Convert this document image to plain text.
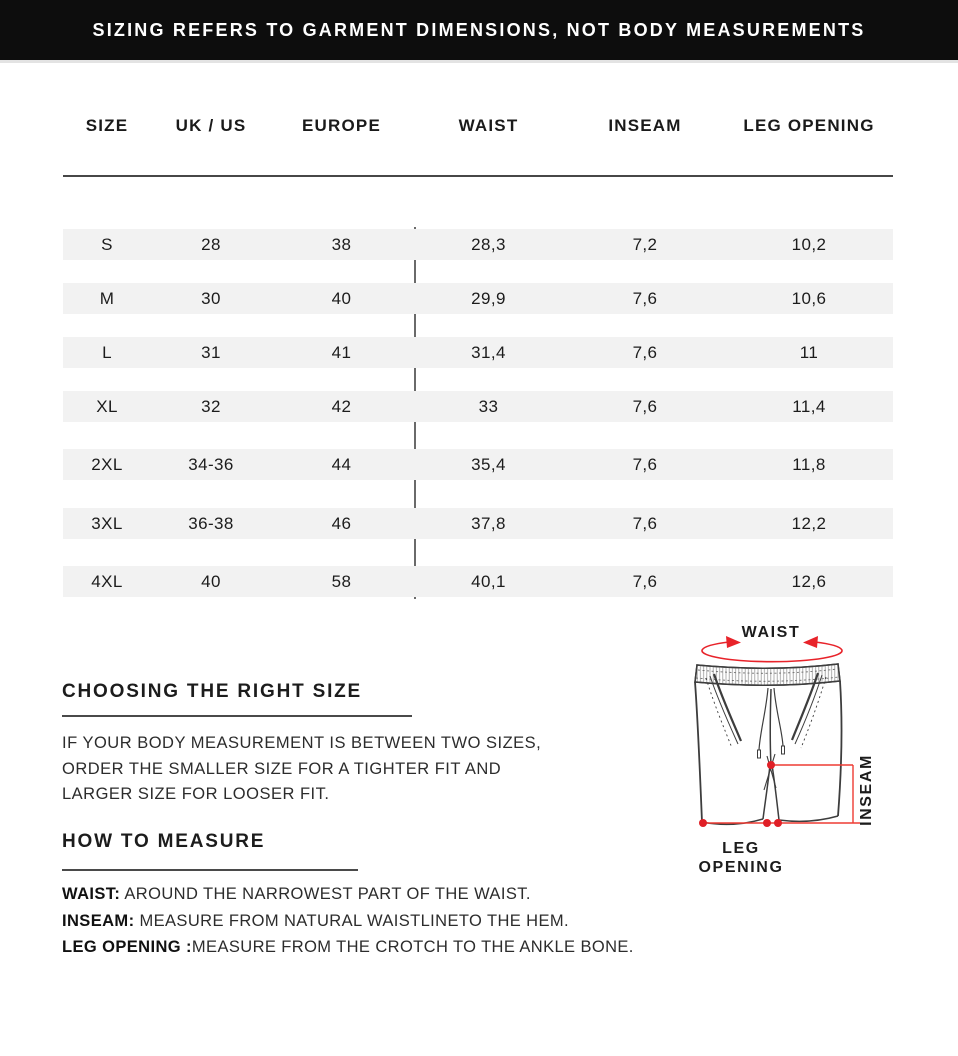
SIZING REFERS TO GARMENT DIMENSIONS, NOT BODY MEASUREMENTS
SIZE	UK / US	EUROPE	WAIST	INSEAM	LEG OPENING
S	28	38	28,3	7,2	10,2
M	30	40	29,9	7,6	10,6
L	31	41	31,4	7,6	11
XL	32	42	33	7,6	11,4
2XL	34-36	44	35,4	7,6	11,8
3XL	36-38	46	37,8	7,6	12,2
4XL	40	58	40,1	7,6	12,6
CHOOSING THE RIGHT SIZE
IF YOUR BODY MEASUREMENT IS BETWEEN TWO SIZES,
ORDER THE SMALLER SIZE FOR A TIGHTER FIT AND
LARGER SIZE FOR LOOSER FIT.
HOW TO MEASURE
WAIST: AROUND THE NARROWEST PART OF THE WAIST.
INSEAM: MEASURE FROM NATURAL WAISTLINETO THE HEM.
LEG OPENING :MEASURE FROM THE CROTCH TO THE ANKLE BONE.
WAIST
INSEAM
LEG OPENING
